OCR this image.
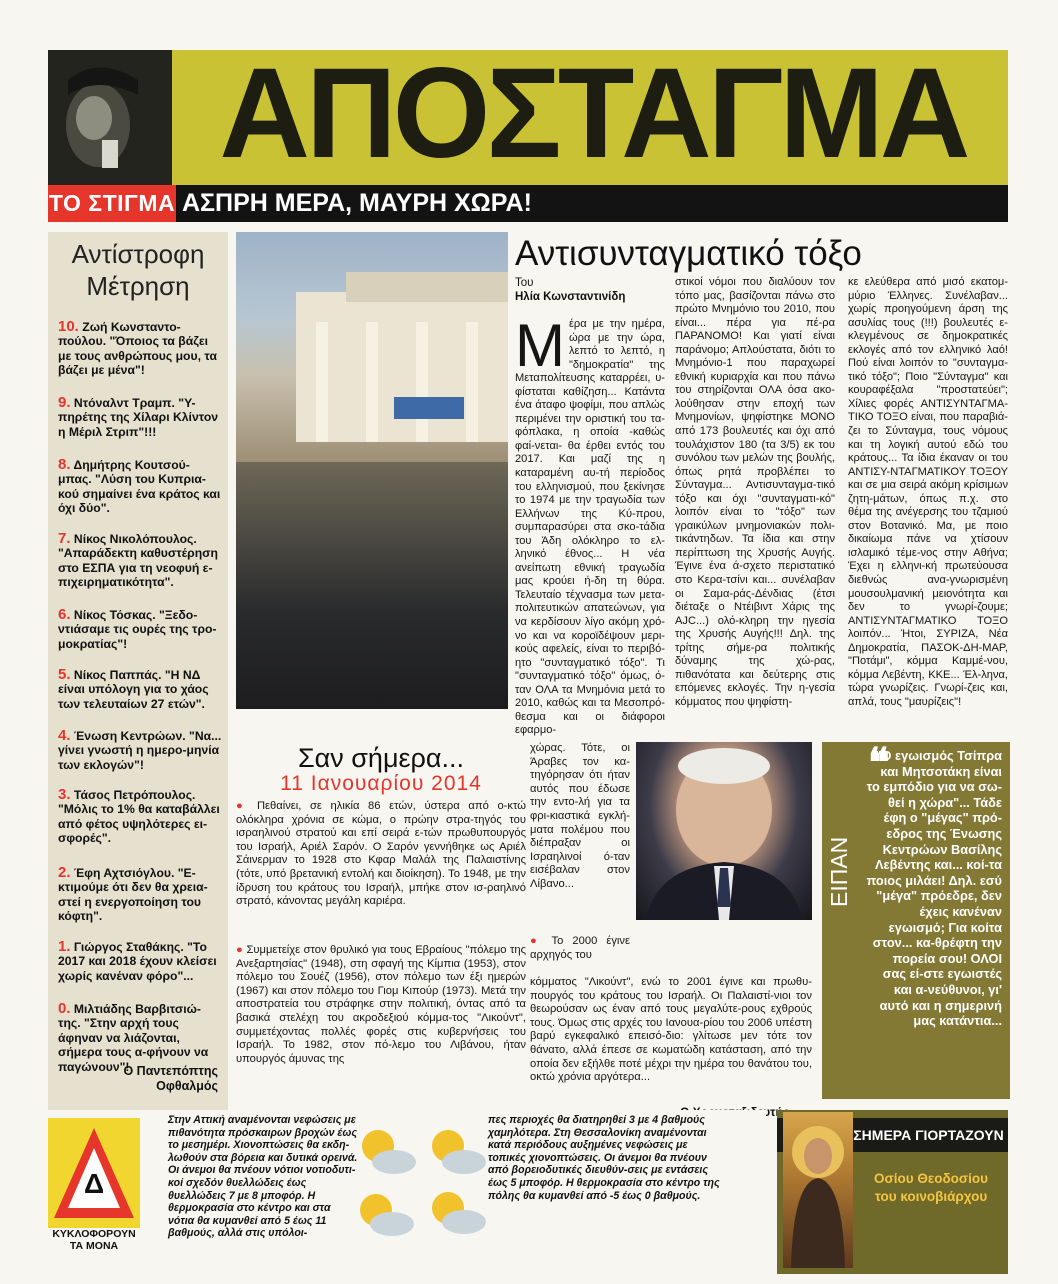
ΑΠΟΣΤΑΓΜΑ
ΤΟ ΣΤΙΓΜΑ ΑΣΠΡΗ ΜΕΡΑ, ΜΑΥΡΗ ΧΩΡΑ!
Αντίστροφη
Μέτρηση
10. Ζωή Κωνσταντο-πούλου. "Όποιος τα βάζει με τους ανθρώπους μου, τα βάζει με μένα"!
9. Ντόναλντ Τραμπ. "Υ-πηρέτης της Χίλαρι Κλίντον η Μέριλ Στριπ"!!!
8. Δημήτρης Κουτσού-μπας. "Λύση του Κυπρια-κού σημαίνει ένα κράτος και όχι δύο".
7. Νίκος Νικολόπουλος. "Απαράδεκτη καθυστέρηση στο ΕΣΠΑ για τη νεοφυή ε-πιχειρηματικότητα".
6. Νίκος Τόσκας. "Ξεδο-ντιάσαμε τις ουρές της τρο-μοκρατίας"!
5. Νίκος Παππάς. "Η ΝΔ είναι υπόλογη για το χάος των τελευταίων 27 ετών".
4. Ένωση Κεντρώων. "Να... γίνει γνωστή η ημερο-μηνία των εκλογών"!
3. Τάσος Πετρόπουλος. "Μόλις το 1% θα καταβάλλει από φέτος υψηλότερες ει-σφορές".
2. Έφη Αχτσιόγλου. "Ε-κτιμούμε ότι δεν θα χρεια-στεί η ενεργοποίηση του κόφτη".
1. Γιώργος Σταθάκης. "Το 2017 και 2018 έχουν κλείσει χωρίς κανέναν φόρο"...
0. Μιλτιάδης Βαρβιτσιώ-της. "Στην αρχή τους άφηναν να λιάζονται, σήμερα τους α-φήνουν να παγώνουν"!
Ο Παντεπόπτης
Οφθαλμός
Αντισυνταγματικό τόξο
Του
Ηλία Κωνσταντινίδη
Μέρα με την ημέρα, ώρα με την ώρα, λεπτό το λεπτό, η "δημοκρατία" της Μεταπολίτευσης καταρρέει, υ-φίσταται καθίζηση... Κατάντα ένα άταφο ψοφίμι, που απλώς περιμένει την οριστική του τα-φόπλακα, η οποία -καθώς φαί-νεται- θα έρθει εντός του 2017. Και μαζί της η καταραμένη αυ-τή περίοδος του ελληνισμού, που ξεκίνησε το 1974 με την τραγωδία των Ελλήνων της Κύ-πρου, συμπαρασύρει στα σκο-τάδια του Άδη ολόκληρο το ελ-ληνικό έθνος... Η νέα ανείπωτη εθνική τραγωδία μας κρούει ή-δη τη θύρα. Τελευταίο τέχνασμα των μετα-πολιτευτικών απατεώνων, για να κερδίσουν λίγο ακόμη χρό-νο και να κοροϊδέψουν μερι-κούς αφελείς, είναι το περιβό-ητο "συνταγματικό τόξο". Τι "συνταγματικό τόξο" όμως, ό-ταν ΟΛΑ τα Μνημόνια μετά το 2010, καθώς και τα Μεσοπρό-θεσμα και οι διάφοροι εφαρμο-
στικοί νόμοι που διαλύουν τον τόπο μας, βασίζονται πάνω στο πρώτο Μνημόνιο του 2010, που είναι... πέρα για πέ-ρα ΠΑΡΑΝΟΜΟ! Και γιατί είναι παράνομο; Απλούστατα, διότι το Μνημόνιο-1 που παραχωρεί εθνική κυριαρχία και που πάνω του στηρίζονται ΟΛΑ όσα ακο-λούθησαν στην εποχή των Μνημονίων, ψηφίστηκε ΜΟΝΟ από 173 βουλευτές και όχι από τουλάχιστον 180 (τα 3/5) εκ του συνόλου των μελών της βουλής, όπως ρητά προβλέπει το Σύνταγμα... Αντισυνταγμα-τικό τόξο και όχι "συνταγματι-κό" λοιπόν είναι το "τόξο" των γραικύλων μνημονιακών πολι-τικάντηδων. Τα ίδια και στην περίπτωση της Χρυσής Αυγής. Έγινε ένα ά-σχετο περιστατικό στο Κερα-τσίνι και... συνέλαβαν οι Σαμα-ράς-Δένδιας (έτσι διέταξε ο Ντέιβιντ Χάρις της AJC...) ολό-κληρη την ηγεσία της Χρυσής Αυγής!!! Δηλ. της τρίτης σήμε-ρα πολιτικής δύναμης της χώ-ρας, πιθανότατα και δεύτερης στις επόμενες εκλογές. Την η-γεσία κόμματος που ψηφίστη-
κε ελεύθερα από μισό εκατομ-μύριο Έλληνες. Συνέλαβαν... χωρίς προηγούμενη άρση της ασυλίας τους (!!!) βουλευτές ε-κλεγμένους σε δημοκρατικές εκλογές από τον ελληνικό λαό! Πού είναι λοιπόν το "συνταγμα-τικό τόξο"; Ποιο "Σύνταγμα" και κουραφέξαλα "προστατεύει"; Χίλιες φορές ΑΝΤΙΣΥΝΤΑΓΜΑ-ΤΙΚΟ ΤΟΞΟ είναι, που παραβιά-ζει το Σύνταγμα, τους νόμους και τη λογική αυτού εδώ του κράτους... Τα ίδια έκαναν οι του ΑΝΤΙΣΥ-ΝΤΑΓΜΑΤΙΚΟΥ ΤΟΞΟΥ και σε μια σειρά ακόμη κρίσιμων ζητη-μάτων, όπως π.χ. στο θέμα της ανέγερσης του τζαμιού στον Βοτανικό. Μα, με ποιο δικαίωμα πάνε να χτίσουν ισλαμικό τέμε-νος στην Αθήνα; Έχει η ελληνι-κή πρωτεύουσα διεθνώς ανα-γνωρισμένη μουσουλμανική μειονότητα και δεν το γνωρί-ζουμε; ΑΝΤΙΣΥΝΤΑΓΜΑΤΙΚΟ ΤΟΞΟ λοιπόν... Ήτοι, ΣΥΡΙΖΑ, Νέα Δημοκρατία, ΠΑΣΟΚ-ΔΗ-ΜΑΡ, "Ποτάμι", κόμμα Καμμέ-νου, κόμμα Λεβέντη, ΚΚΕ... Έλ-ληνα, τώρα γνωρίζεις. Γνωρί-ζεις και, απλά, τους "μαυρίζεις"!
Σαν σήμερα...
11 Ιανουαρίου 2014
● Πεθαίνει, σε ηλικία 86 ετών, ύστερα από ο-κτώ ολόκληρα χρόνια σε κώμα, ο πρώην στρα-τηγός του ισραηλινού στρατού και επί σειρά ε-τών πρωθυπουργός του Ισραήλ, Αριέλ Σαρόν. Ο Σαρόν γεννήθηκε ως Αριέλ Σάινερμαν το 1928 στο Κφαρ Μαλάλ της Παλαιστίνης (τότε, υπό βρετανική εντολή και διοίκηση). Το 1948, με την ίδρυση του κράτους του Ισραήλ, μπήκε στον ισ-ραηλινό στρατό, κάνοντας μεγάλη καριέρα.
● Συμμετείχε στον θρυλικό για τους Εβραίους "πόλεμο της Ανεξαρτησίας" (1948), στη σφαγή της Κίμπια (1953), στον πόλεμο του Σουέζ (1956), στον πόλεμο των έξι ημερών (1967) και στον πόλεμο του Γιομ Κιπούρ (1973). Μετά την αποστρατεία του στράφηκε στην πολιτική, όντας από τα βασικά στελέχη του ακροδεξιού κόμμα-τος "Λικούντ", συμμετέχοντας πολλές φορές στις κυβερνήσεις του Ισραήλ. Το 1982, στον πό-λεμο του Λιβάνου, ήταν υπουργός άμυνας της
χώρας. Τότε, οι Άραβες τον κα-τηγόρησαν ότι ήταν αυτός που έδωσε την εντο-λή για τα φρι-κιαστικά εγκλή-ματα πολέμου που διέπραξαν οι Ισραηλινοί ό-ταν εισέβαλαν στον Λίβανο...
● Το 2000 έγινε αρχηγός του
κόμματος "Λικούντ", ενώ το 2001 έγινε και πρωθυ-πουργός του κράτους του Ισραήλ. Οι Παλαιστί-νιοι τον θεωρούσαν ως έναν από τους μεγαλύτε-ρους εχθρούς τους. Όμως στις αρχές του Ιανουα-ρίου του 2006 υπέστη βαρύ εγκεφαλικό επεισό-διο: γλίτωσε μεν τότε τον θάνατο, αλλά έπεσε σε κωματώδη κατάσταση, από την οποία δεν εξήλθε ποτέ μέχρι την ημέρα του θανάτου του, οκτώ χρόνια αργότερα...
ΕΙΠΑΝ
❝
"Ο εγωισμός Τσίπρα και Μητσοτάκη είναι το εμπόδιο για να σω-θεί η χώρα"... Τάδε έφη ο "μέγας" πρό-εδρος της Ένωσης Κεντρώων Βασίλης Λεβέντης και... κοί-τα ποιος μιλάει! Δηλ. εσύ "μέγα" πρόεδρε, δεν έχεις κανέναν εγωισμό; Για κοίτα στον... κα-θρέφτη την πορεία σου! ΟΛΟΙ σας εί-στε εγωιστές και α-νεύθυνοι, γι' αυτό και η σημερινή μας κατάντια...
Δ
ΚΥΚΛΟΦΟΡΟΥΝ
ΤΑ ΜΟΝΑ
Στην Αττική αναμένονται νεφώσεις με πιθανότητα πρόσκαιρων βροχών έως το μεσημέρι. Χιονοπτώσεις θα εκδη-λωθούν στα βόρεια και δυτικά ορεινά. Οι άνεμοι θα πνέουν νότιοι νοτιοδυτι-κοί σχεδόν θυελλώδεις έως θυελλώδεις 7 με 8 μποφόρ. Η θερμοκρασία στο κέντρο και στα νότια θα κυμανθεί από 5 έως 11 βαθμούς, αλλά στις υπόλοι-
πες περιοχές θα διατηρηθεί 3 με 4 βαθμούς χαμηλότερα. Στη Θεσσαλονίκη αναμένονται κατά περιόδους αυξημένες νεφώσεις με τοπικές χιονοπτώσεις. Οι άνεμοι θα πνέουν από βορειοδυτικές διευθύν-σεις με εντάσεις έως 5 μποφόρ. Η θερμοκρασία στο κέντρο της πόλης θα κυμανθεί από -5 έως 0 βαθμούς.
ΣΗΜΕΡΑ ΓΙΟΡΤΑΖΟΥΝ
Οσίου Θεοδοσίου
του κοινοβιάρχου
